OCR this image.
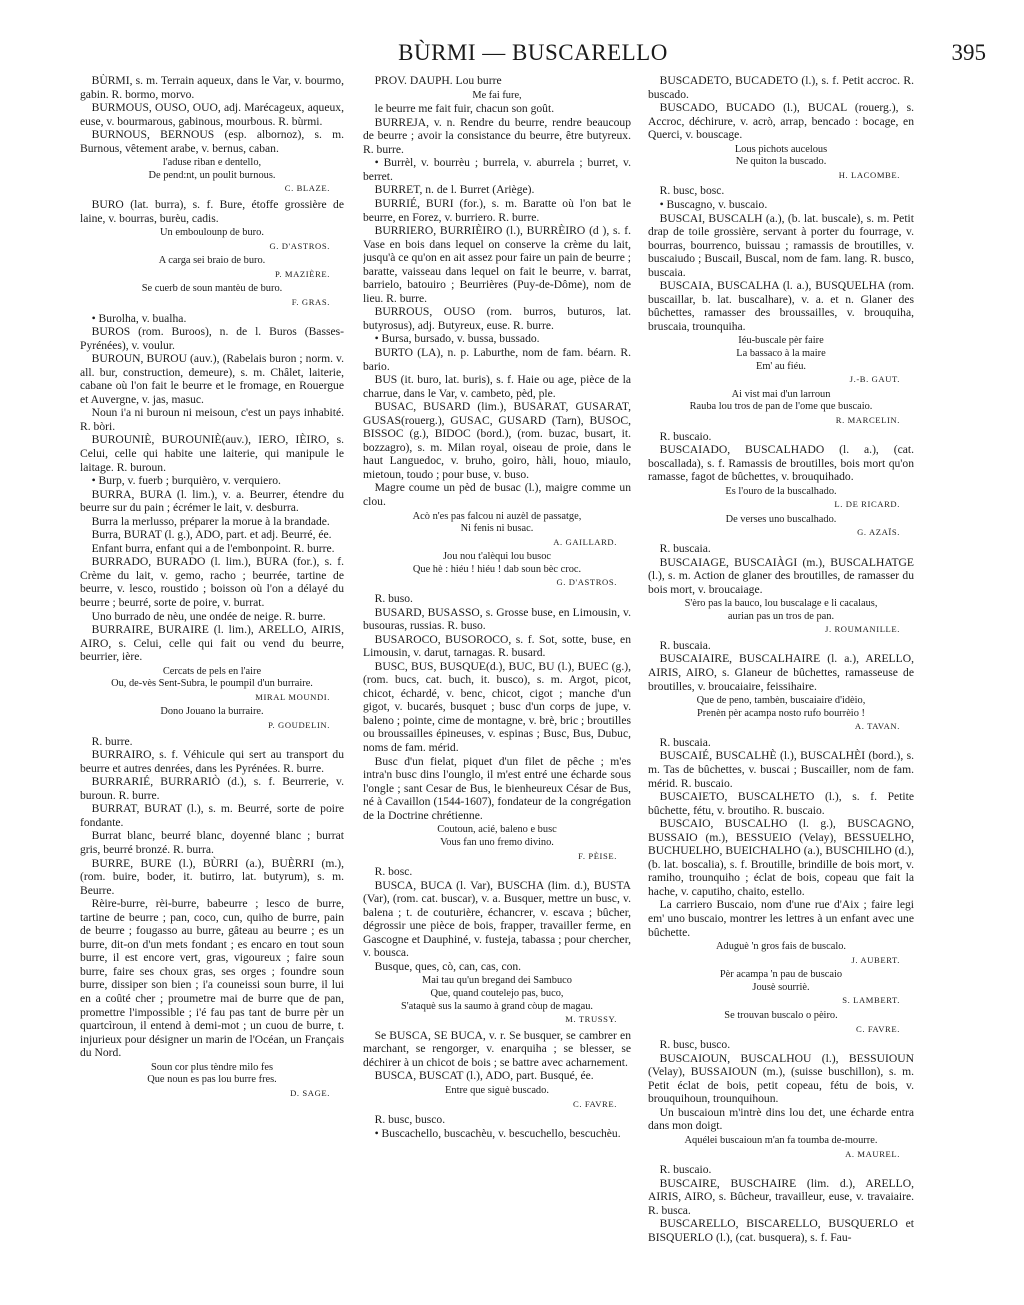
BÙRMI — BUSCARELLO	395
BÙRMI, s. m. Terrain aqueux, dans le Var, v. bourmo, gabin. R. bormo, morvo.
BURMOUS, OUSO, OUO, adj. Marécageux, aqueux, euse, v. bourmarous, gabinous, mourbous. R. bùrmi.
BURNOUS, BERNOUS (esp. albornoz), s. m. Burnous, vêtement arabe, v. bernus, caban.
l'aduse riban e dentello,
De pend:nt, un poulit burnous.
C. BLAZE.
BURO (lat. burra), s. f. Bure, étoffe grossière de laine, v. bourras, burèu, cadis.
Un emboulounp de buro.
G. D'ASTROS.
A carga sei braio de buro.
P. MAZIÈRE.
Se cuerb de soun mantèu de buro.
F. GRAS.
• Burolha, v. bualha.
BUROS (rom. Buroos), n. de l. Buros (Basses-Pyrénées), v. voulur.
BUROUN, BUROU (auv.), (Rabelais buron ; norm. v. all. bur, construction, demeure), s. m. Châlet, laiterie, cabane où l'on fait le beurre et le fromage, en Rouergue et Auvergne, v. jas, masuc.
Noun i'a ni buroun ni meisoun, c'est un pays inhabité. R. bòri.
BUROUNIÈ, BUROUNIÈ(auv.), IERO, IÈIRO, s. Celui, celle qui habite une laiterie, qui manipule le laitage. R. buroun.
• Burp, v. fuerb ; burquièro, v. verquiero.
BURRA, BURA (l. lim.), v. a. Beurrer, étendre du beurre sur du pain ; écrémer le lait, v. desburra.
Burra la merlusso, préparer la morue à la brandade.
Burra, BURAT (l. g.), ADO, part. et adj. Beurré, ée.
Enfant burra, enfant qui a de l'embonpoint. R. burre.
BURRADO, BURADO (l. lim.), BURA (for.), s. f. Crème du lait, v. gemo, racho ; beurrée, tartine de beurre, v. lesco, roustido ; boisson où l'on a délayé du beurre ; beurré, sorte de poire, v. burrat.
Uno burrado de nèu, une ondée de neige. R. burre.
BURRAIRE, BURAIRE (l. lim.), ARELLO, AIRIS, AIRO, s. Celui, celle qui fait ou vend du beurre, beurrier, ière.
Cercats de pels en l'aire
Ou, de-vès Sent-Subra, le poumpil d'un burraire.
MIRAL MOUNDI.
Dono Jouano la burraire.
P. GOUDELIN.
R. burre.
BURRAIRO, s. f. Véhicule qui sert au transport du beurre et autres denrées, dans les Pyrénées. R. burre.
BURRARIÉ, BURRARIÒ (d.), s. f. Beurrerie, v. buroun. R. burre.
BURRAT, BURAT (l.), s. m. Beurré, sorte de poire fondante.
Burrat blanc, beurré blanc, doyenné blanc ; burrat gris, beurré bronzé. R. burra.
BURRE, BURE (l.), BÙRRI (a.), BUÈRRI (m.), (rom. buire, boder, it. butirro, lat. butyrum), s. m. Beurre.
Rèire-burre, rèi-burre, babeurre ; lesco de burre, tartine de beurre ; pan, coco, cun, quiho de burre, pain de beurre ; fougasso au burre, gâteau au beurre ; es un burre, dit-on d'un mets fondant ; es encaro en tout soun burre, il est encore vert, gras, vigoureux ; faire soun burre, faire ses choux gras, ses orges ; foundre soun burre, dissiper son bien ; i'a couneissi soun burre, il lui en a coûté cher ; proumetre mai de burre que de pan, promettre l'impossible ; i'é fau pas tant de burre pèr un quartcìroun, il entend à demi-mot ; un cuou de burre, t. injurieux pour désigner un marin de l'Océan, un Français du Nord.
Soun cor plus tèndre milo fes
Que noun es pas lou burre fres.
D. SAGE.
PROV. DAUPH. Lou burre
Me fai fure,
le beurre me fait fuir, chacun son goût.
BURREJA, v. n. Rendre du beurre, rendre beaucoup de beurre ; avoir la consistance du beurre, être butyreux. R. burre.
• Burrèl, v. bourrèu ; burrela, v. aburrela ; burret, v. berret.
BURRET, n. de l. Burret (Ariège).
BURRIÉ, BURI (for.), s. m. Baratte où l'on bat le beurre, en Forez, v. burriero. R. burre.
BURRIERO, BURRIÈIRO (l.), BURRÈIRO (d ), s. f. Vase en bois dans lequel on conserve la crème du lait, jusqu'à ce qu'on en ait assez pour faire un pain de beurre ; baratte, vaisseau dans lequel on fait le beurre, v. barrat, barrielo, batouiro ; Beurrières (Puy-de-Dôme), nom de lieu. R. burre.
BURROUS, OUSO (rom. burros, buturos, lat. butyrosus), adj. Butyreux, euse. R. burre.
• Bursa, bursado, v. bussa, bussado.
BURTO (LA), n. p. Laburthe, nom de fam. béarn. R. bario.
BUS (it. buro, lat. buris), s. f. Haie ou age, pièce de la charrue, dans le Var, v. cambeto, pèd, ple.
BUSAC, BUSARD (lim.), BUSARAT, GUSARAT, GUSAS(rouerg.), GUSAC, GUSARD (Tarn), BUSOC, BISSOC (g.), BIDOC (bord.), (rom. buzac, busart, it. bozzagro), s. m. Milan royal, oiseau de proie, dans le haut Languedoc, v. bruho, goiro, hàli, houo, miaulo, mietoun, toudo ; pour buse, v. buso.
Magre coume un pèd de busac (l.), maigre comme un clou.
Acò n'es pas falcou ni auzèl de passatge,
Ni fenis ni busac.
A. GAILLARD.
Jou nou t'alèqui lou busoc
Que hè : hiéu ! hiéu ! dab soun bèc croc.
G. D'ASTROS.
R. buso.
BUSARD, BUSASSO, s. Grosse buse, en Limousin, v. busouras, russias. R. buso.
BUSAROCO, BUSOROCO, s. f. Sot, sotte, buse, en Limousin, v. darut, tarnagas. R. busard.
BUSC, BUS, BUSQUE(d.), BUC, BU (l.), BUEC (g.), (rom. bucs, cat. buch, it. busco), s. m. Argot, picot, chicot, échardé, v. benc, chicot, cigot ; manche d'un gigot, v. bucarés, busquet ; busc d'un corps de jupe, v. baleno ; pointe, cime de montagne, v. brè, bric ; broutilles ou broussailles épineuses, v. espinas ; Busc, Bus, Dubuc, noms de fam. mérid.
Busc d'un fielat, piquet d'un filet de pêche ; m'es intra'n busc dins l'ounglo, il m'est entré une écharde sous l'ongle ; sant Cesar de Bus, le bienheureux César de Bus, né à Cavaillon (1544-1607), fondateur de la congrégation de la Doctrine chrétienne.
Coutoun, acié, baleno e busc
Vous fan uno fremo divino.
F. PÈISE.
R. bosc.
BUSCA, BUCA (l. Var), BUSCHA (lim. d.), BUSTA (Var), (rom. cat. buscar), v. a. Busquer, mettre un busc, v. balena ; t. de couturière, échancrer, v. escava ; bûcher, dégrossir une pièce de bois, frapper, travailler ferme, en Gascogne et Dauphiné, v. fusteja, tabassa ; pour chercher, v. bousca.
Busque, ques, cò, can, cas, con.
Mai tau qu'un bregand dei Sambuco
Que, quand coutelejo pas, buco,
S'ataquè sus la saumo à grand còup de magau.
M. TRUSSY.
Se BUSCA, SE BUCA, v. r. Se busquer, se cambrer en marchant, se rengorger, v. enarquiha ; se blesser, se déchirer à un chicot de bois ; se battre avec acharnement.
BUSCA, BUSCAT (l.), ADO, part. Busqué, ée.
Entre que siguè buscado.
C. FAVRE.
R. busc, busco.
• Buscachello, buscachèu, v. bescuchello, bescuchèu.
BUSCADETO, BUCADETO (l.), s. f. Petit accroc. R. buscado.
BUSCADO, BUCADO (l.), BUCAL (rouerg.), s. Accroc, déchirure, v. acrò, arrap, bencado : bocage, en Querci, v. bouscage.
Lous pichots aucelous
Ne quiton la buscado.
H. LACOMBE.
R. busc, bosc.
• Buscagno, v. buscaio.
BUSCAI, BUSCALH (a.), (b. lat. buscale), s. m. Petit drap de toile grossière, servant à porter du fourrage, v. bourras, bourrenco, buissau ; ramassis de broutilles, v. buscaiudo ; Buscail, Buscal, nom de fam. lang. R. busco, buscaia.
BUSCAIA, BUSCALHA (l. a.), BUSQUELHA (rom. buscaillar, b. lat. buscalhare), v. a. et n. Glaner des bûchettes, ramasser des broussailles, v. brouquiha, bruscaia, trounquiha.
Iéu-buscale pèr faire
La bassaco à la maire
Em' au fiéu.
J.-B. GAUT.
Ai vist mai d'un larroun
Rauba lou tros de pan de l'ome que buscaio.
R. MARCELIN.
R. buscaio.
BUSCAIADO, BUSCALHADO (l. a.), (cat. boscallada), s. f. Ramassis de broutilles, bois mort qu'on ramasse, fagot de bûchettes, v. brouquihado.
Es l'ouro de la buscalhado.
L. DE RICARD.
De verses uno buscalhado.
G. AZAÏS.
R. buscaia.
BUSCAIAGE, BUSCAIÀGI (m.), BUSCALHATGE (l.), s. m. Action de glaner des broutilles, de ramasser du bois mort, v. broucaiage.
S'èro pas la bauco, lou buscalage e li cacalaus,
aurian pas un tros de pan.
J. ROUMANILLE.
R. buscaia.
BUSCAIAIRE, BUSCALHAIRE (l. a.), ARELLO, AIRIS, AIRO, s. Glaneur de bûchettes, ramasseuse de broutilles, v. broucaiaire, feissihaire.
Que de peno, tambèn, buscaiaire d'idèio,
Prenèn pèr acampa nosto rufo bourrèio !
A. TAVAN.
R. buscaia.
BUSCAIÉ, BUSCALHÈ (l.), BUSCALHÈI (bord.), s. m. Tas de bûchettes, v. buscai ; Buscailler, nom de fam. mérid. R. buscaio.
BUSCAIETO, BUSCALHETO (l.), s. f. Petite bûchette, fétu, v. broutiho. R. buscaio.
BUSCAIO, BUSCALHO (l. g.), BUSCAGNO, BUSSAIO (m.), BESSUEIO (Velay), BESSUELHO, BUCHUELHO, BUEICHALHO (a.), BUSCHILHO (d.), (b. lat. boscalia), s. f. Broutille, brindille de bois mort, v. ramiho, trounquiho ; éclat de bois, copeau que fait la hache, v. caputiho, chaito, estello.
La carriero Buscaio, nom d'une rue d'Aix ; faire legi em' uno buscaio, montrer les lettres à un enfant avec une bûchette.
Aduguè 'n gros fais de buscalo.
J. AUBERT.
Pèr acampa 'n pau de buscaio
Jousè sourriè.
S. LAMBERT.
Se trouvan buscalo o pèiro.
C. FAVRE.
R. busc, busco.
BUSCAIOUN, BUSCALHOU (l.), BESSUIOUN (Velay), BUSSAIOUN (m.), (suisse buschillon), s. m. Petit éclat de bois, petit copeau, fétu de bois, v. brouquihoun, trounquihoun.
Un buscaioun m'intrè dins lou det, une écharde entra dans mon doigt.
Aquélei buscaioun m'an fa toumba de-mourre.
A. MAUREL.
R. buscaio.
BUSCAIRE, BUSCHAIRE (lim. d.), ARELLO, AIRIS, AIRO, s. Bûcheur, travailleur, euse, v. travaiaire. R. busca.
BUSCARELLO, BISCARELLO, BUSQUERLO et BISQUERLO (l.), (cat. busquera), s. f. Fau-
